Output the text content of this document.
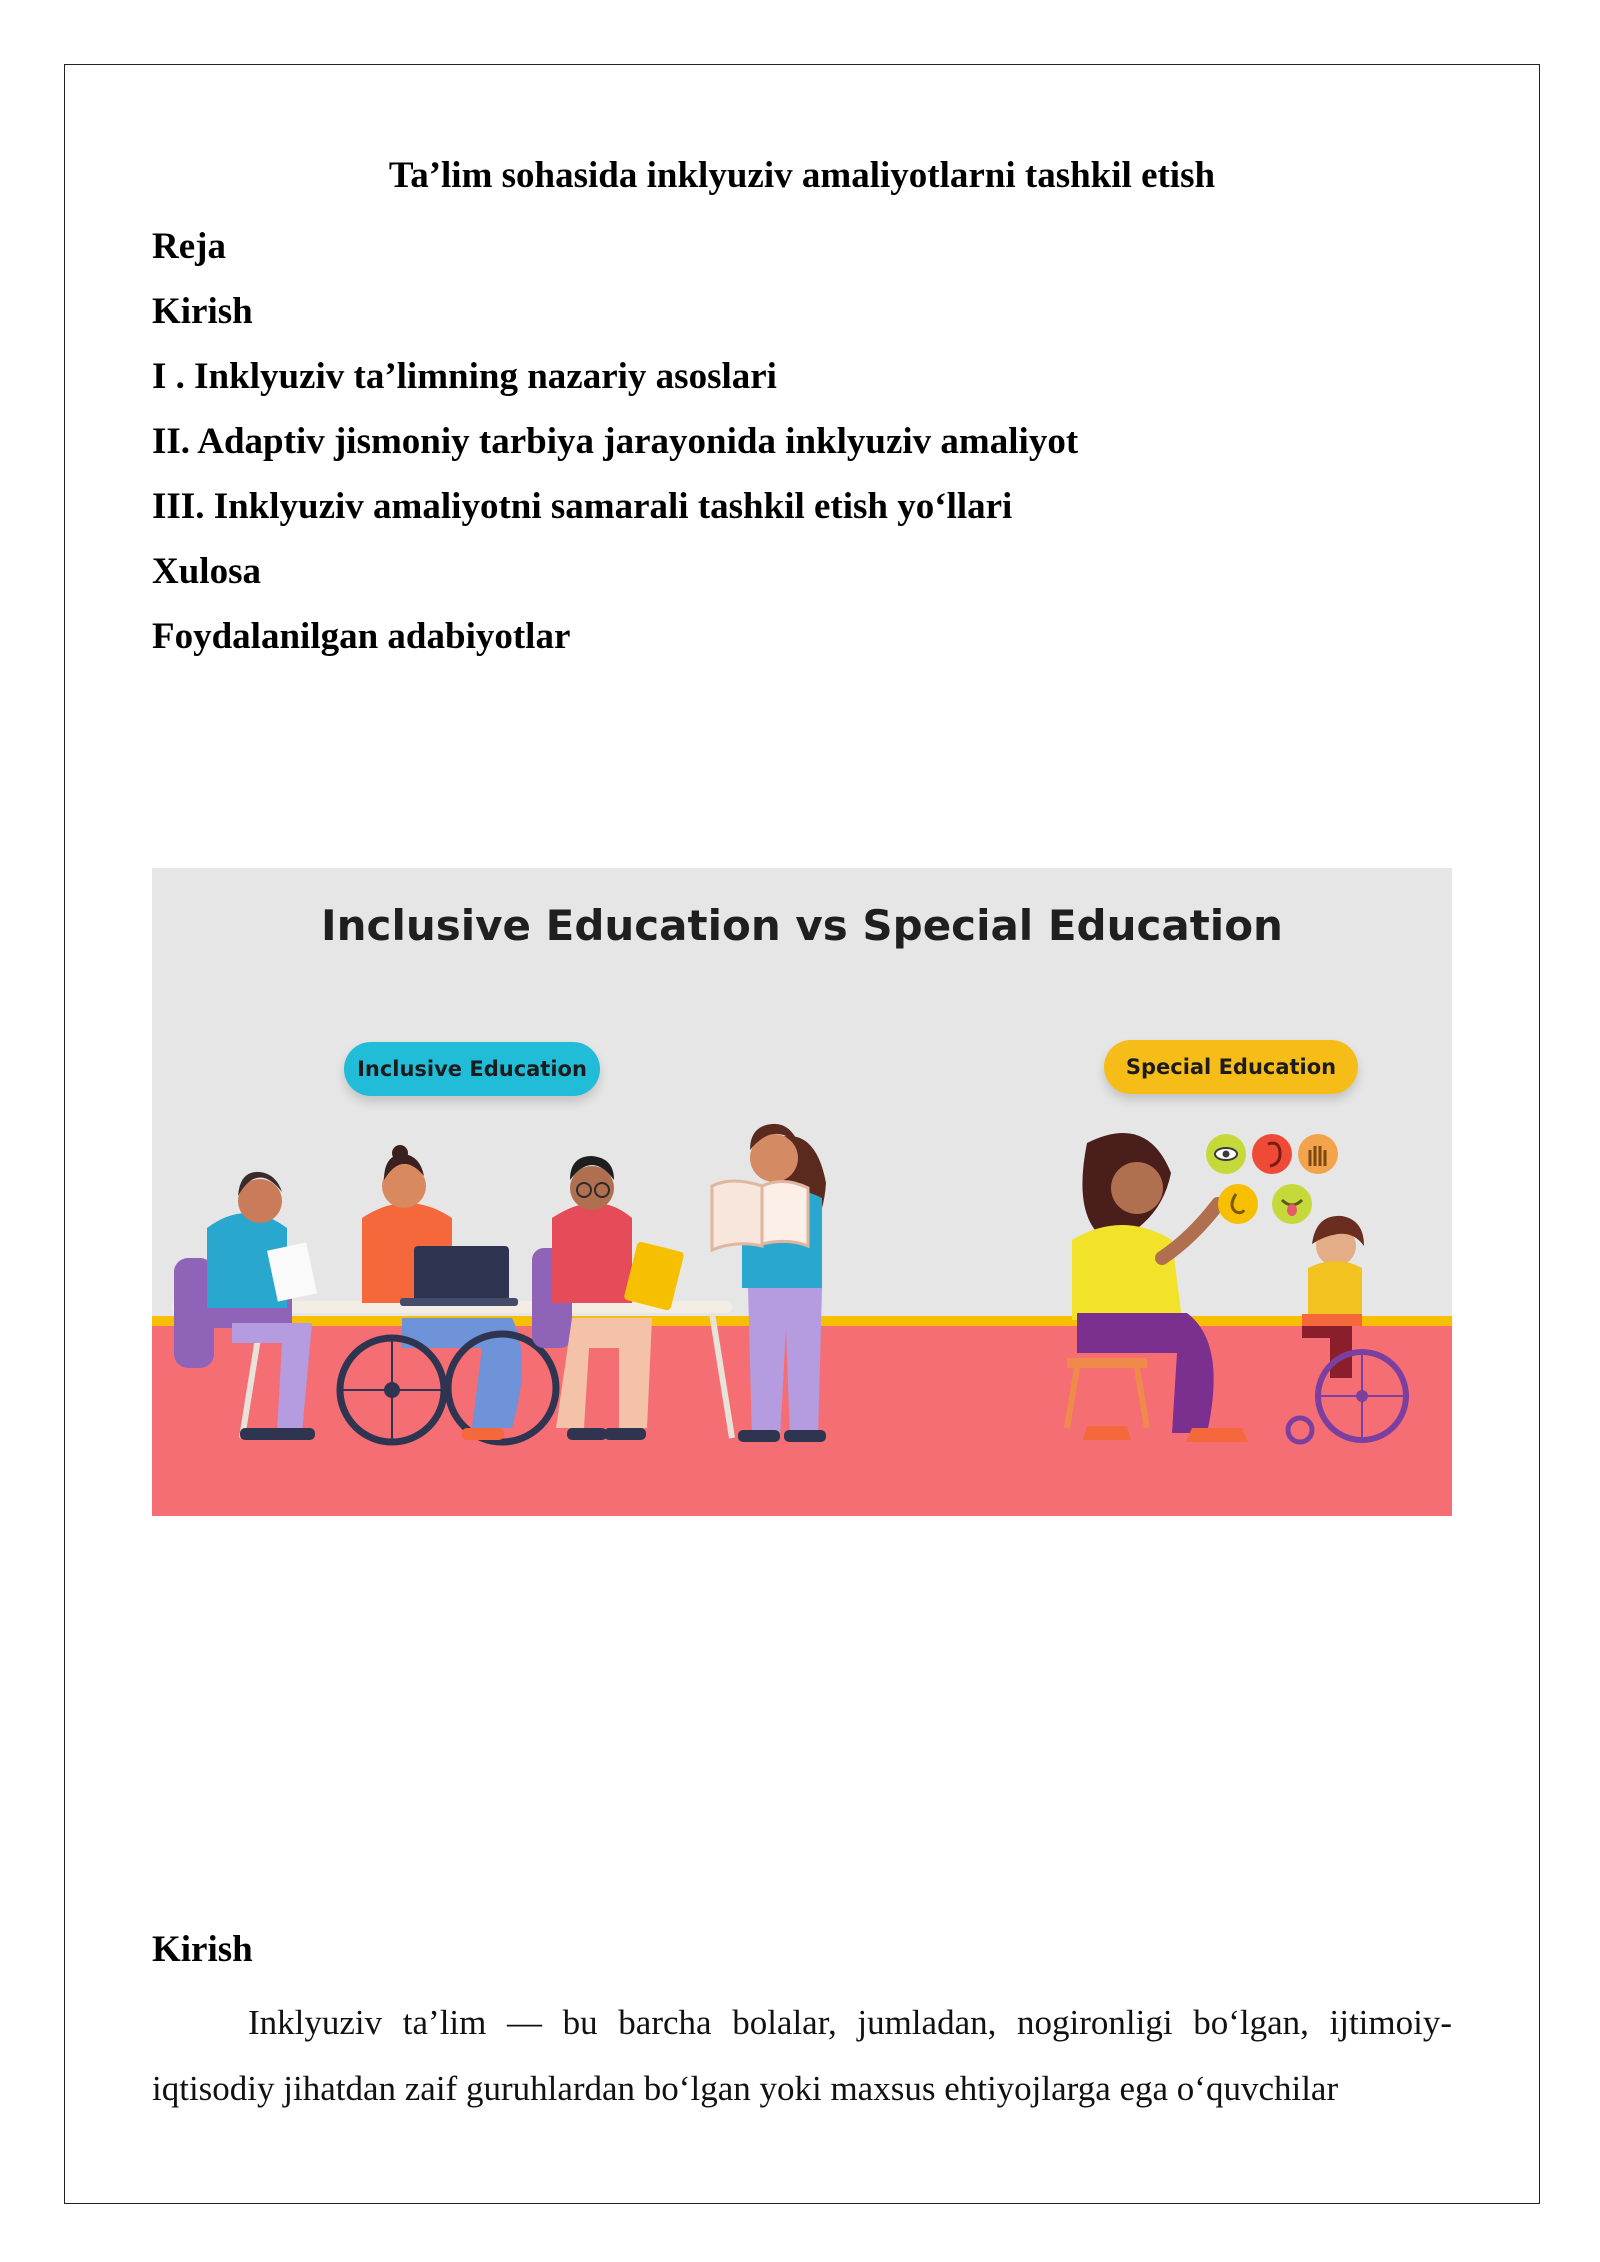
Ta’lim sohasida inklyuziv amaliyotlarni tashkil etish
Reja
Kirish
I . Inklyuziv ta’limning nazariy asoslari
II. Adaptiv jismoniy tarbiya jarayonida inklyuziv amaliyot
III. Inklyuziv amaliyotni samarali tashkil etish yo‘llari
Xulosa
Foydalanilgan adabiyotlar
Inclusive Education vs Special Education
Inclusive Education	Special Education
Kirish

Inklyuziv ta’lim — bu barcha bolalar, jumladan, nogironligi bo‘lgan, ijtimoiy-iqtisodiy jihatdan zaif guruhlardan bo‘lgan yoki maxsus ehtiyojlarga ega o‘quvchilar
